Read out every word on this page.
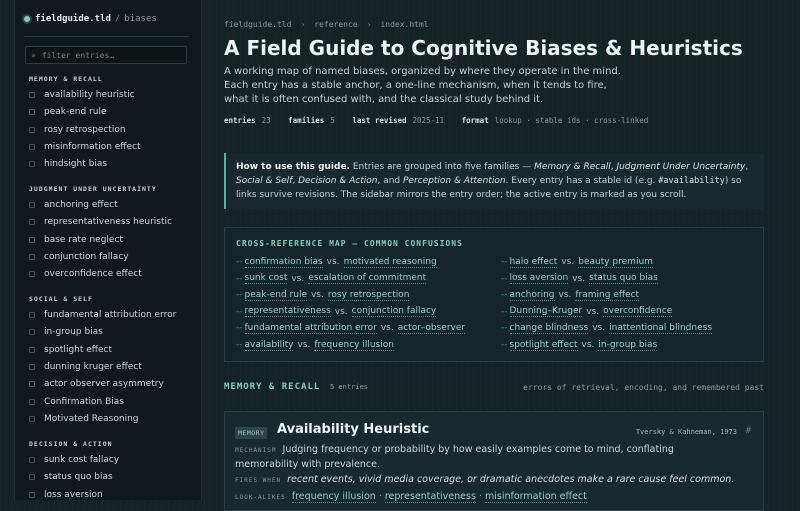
fieldguide.tld / biases
»
filter entries…
MEMORY & RECALL
availability heuristic
peak-end rule
rosy retrospection
misinformation effect
hindsight bias
JUDGMENT UNDER UNCERTAINTY
anchoring effect
representativeness heuristic
base rate neglect
conjunction fallacy
overconfidence effect
SOCIAL & SELF
fundamental attribution error
in-group bias
spotlight effect
dunning kruger effect
actor observer asymmetry
Confirmation Bias
Motivated Reasoning
DECISION & ACTION
sunk cost fallacy
status quo bias
loss aversion
fieldguide.tld › reference › index.html
A Field Guide to Cognitive Biases & Heuristics

A working map of named biases, organized by where they operate in the mind.
Each entry has a stable anchor, a one-line mechanism, when it tends to fire,
what it is often confused with, and the classical study behind it.

entries 23 families 5 last revised 2025-11 format lookup · stable ids · cross-linked
How to use this guide. Entries are grouped into five families — Memory & Recall, Judgment Under Uncertainty, Social & Self, Decision & Action, and Perception & Attention. Every entry has a stable id (e.g. #availability) so links survive revisions. The sidebar mirrors the entry order; the active entry is marked as you scroll.
CROSS-REFERENCE MAP — COMMON CONFUSIONS
-- confirmation bias vs. motivated reasoning
-- sunk cost vs. escalation of commitment
-- peak-end rule vs. rosy retrospection
-- representativeness vs. conjunction fallacy
-- fundamental attribution error vs. actor–observer
-- availability vs. frequency illusion
-- halo effect vs. beauty premium
-- loss aversion vs. status quo bias
-- anchoring vs. framing effect
-- Dunning–Kruger vs. overconfidence
-- change blindness vs. inattentional blindness
-- spotlight effect vs. in-group bias
MEMORY & RECALL 5 entries	errors of retrieval, encoding, and remembered past
MEMORY Availability Heuristic	Tversky & Kahneman, 1973 #
MECHANISM Judging frequency or probability by how easily examples come to mind, conflating memorability with prevalence.
FIRES WHEN recent events, vivid media coverage, or dramatic anecdotes make a rare cause feel common.
LOOK-ALIKES frequency illusion · representativeness · misinformation effect
